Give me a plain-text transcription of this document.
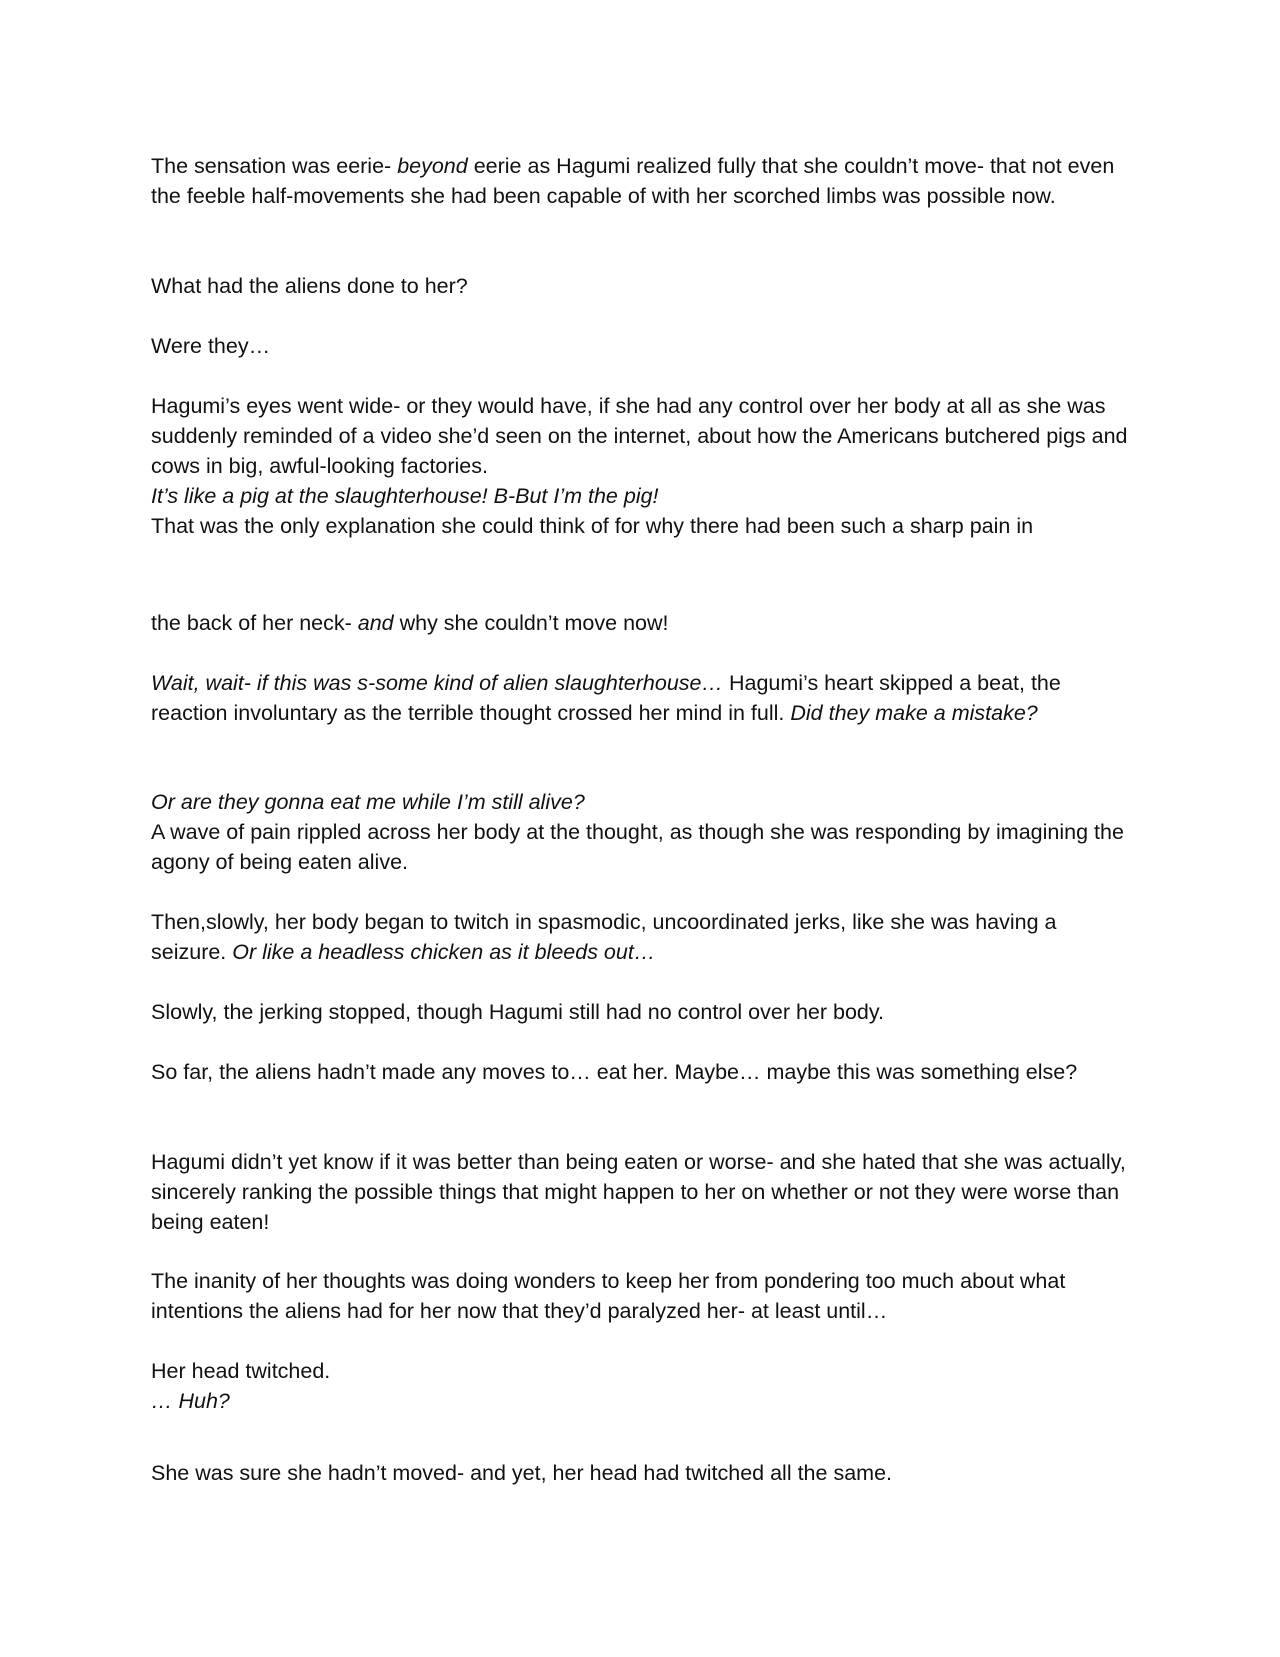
The sensation was eerie- beyond eerie as Hagumi realized fully that she couldn’t move- that not even the feeble half-movements she had been capable of with her scorched limbs was possible now.

What had the aliens done to her?

Were they…

Hagumi’s eyes went wide- or they would have, if she had any control over her body at all as she was suddenly reminded of a video she’d seen on the internet, about how the Americans butchered pigs and cows in big, awful-looking factories.

It’s like a pig at the slaughterhouse! B-But I’m the pig!

That was the only explanation she could think of for why there had been such a sharp pain in

the back of her neck- and why she couldn’t move now!

Wait, wait- if this was s-some kind of alien slaughterhouse… Hagumi’s heart skipped a beat, the reaction involuntary as the terrible thought crossed her mind in full. Did they make a mistake?

Or are they gonna eat me while I’m still alive?

A wave of pain rippled across her body at the thought, as though she was responding by imagining the agony of being eaten alive.

Then,slowly, her body began to twitch in spasmodic, uncoordinated jerks, like she was having a seizure. Or like a headless chicken as it bleeds out…

Slowly, the jerking stopped, though Hagumi still had no control over her body.

So far, the aliens hadn’t made any moves to… eat her. Maybe… maybe this was something else?

Hagumi didn’t yet know if it was better than being eaten or worse- and she hated that she was actually, sincerely ranking the possible things that might happen to her on whether or not they were worse than being eaten!

The inanity of her thoughts was doing wonders to keep her from pondering too much about what intentions the aliens had for her now that they’d paralyzed her- at least until…

Her head twitched.

… Huh?

She was sure she hadn’t moved- and yet, her head had twitched all the same.
